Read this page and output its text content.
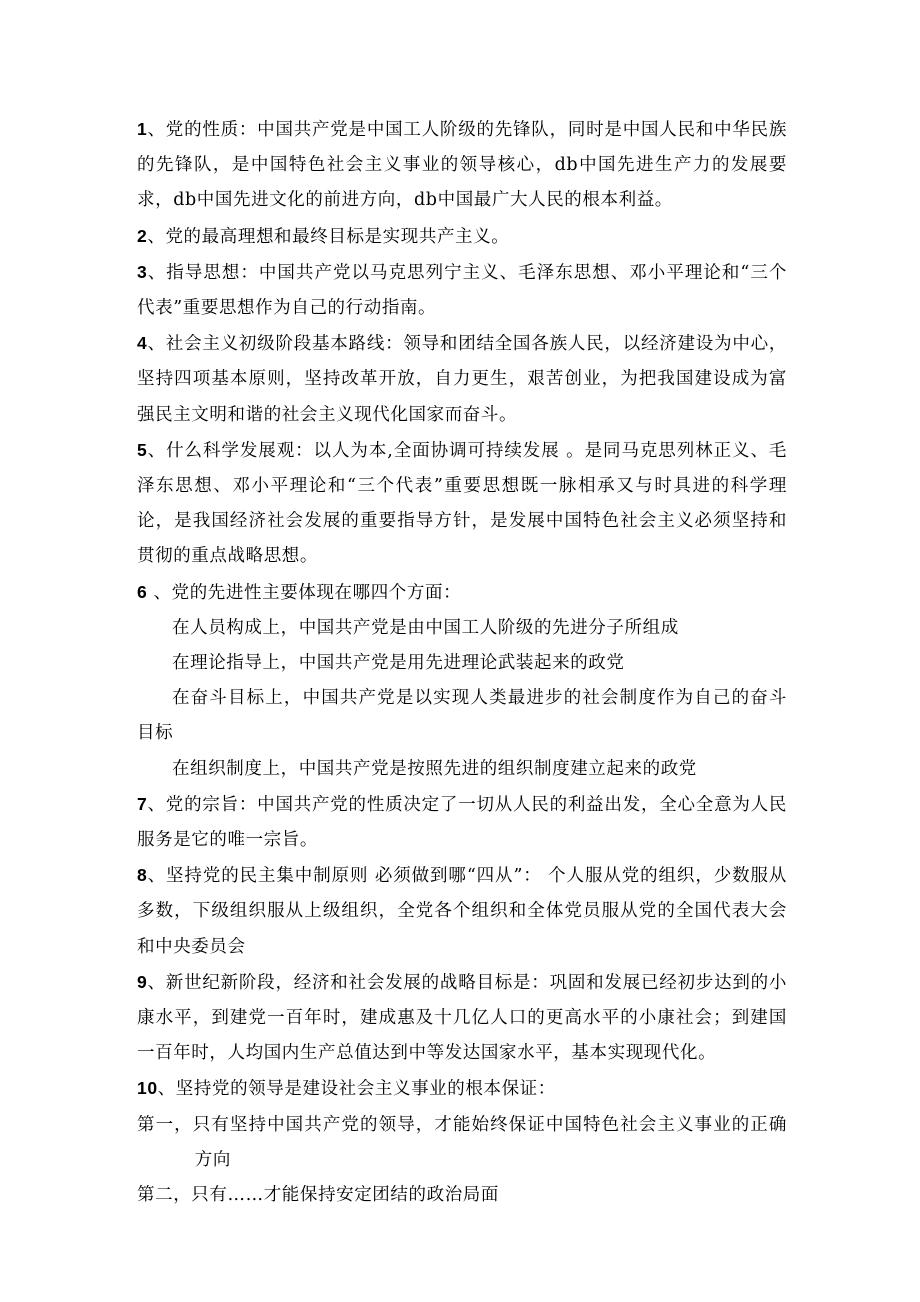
1、党的性质：中国共产党是中国工人阶级的先锋队，同时是中国人民和中华民族的先锋队，是中国特色社会主义事业的领导核心，db中国先进生产力的发展要求，db中国先进文化的前进方向，db中国最广大人民的根本利益。

2、党的最高理想和最终目标是实现共产主义。

3、指导思想：中国共产党以马克思列宁主义、毛泽东思想、邓小平理论和“三个代表”重要思想作为自己的行动指南。

4、社会主义初级阶段基本路线：领导和团结全国各族人民，以经济建设为中心，坚持四项基本原则，坚持改革开放，自力更生，艰苦创业，为把我国建设成为富强民主文明和谐的社会主义现代化国家而奋斗。

5、什么科学发展观：以人为本,全面协调可持续发展 。是同马克思列林正义、毛泽东思想、邓小平理论和“三个代表”重要思想既一脉相承又与时具进的科学理论，是我国经济社会发展的重要指导方针，是发展中国特色社会主义必须坚持和贯彻的重点战略思想。

6 、党的先进性主要体现在哪四个方面：

在人员构成上，中国共产党是由中国工人阶级的先进分子所组成

在理论指导上，中国共产党是用先进理论武装起来的政党

在奋斗目标上，中国共产党是以实现人类最进步的社会制度作为自己的奋斗目标

在组织制度上，中国共产党是按照先进的组织制度建立起来的政党

7、党的宗旨：中国共产党的性质决定了一切从人民的利益出发，全心全意为人民服务是它的唯一宗旨。

8、坚持党的民主集中制原则 必须做到哪“四从”： 个人服从党的组织，少数服从多数，下级组织服从上级组织，全党各个组织和全体党员服从党的全国代表大会和中央委员会

9、新世纪新阶段，经济和社会发展的战略目标是：巩固和发展已经初步达到的小康水平，到建党一百年时，建成惠及十几亿人口的更高水平的小康社会；到建国一百年时，人均国内生产总值达到中等发达国家水平，基本实现现代化。

10、坚持党的领导是建设社会主义事业的根本保证：

第一，只有坚持中国共产党的领导，才能始终保证中国特色社会主义事业的正确方向

第二，只有……才能保持安定团结的政治局面
